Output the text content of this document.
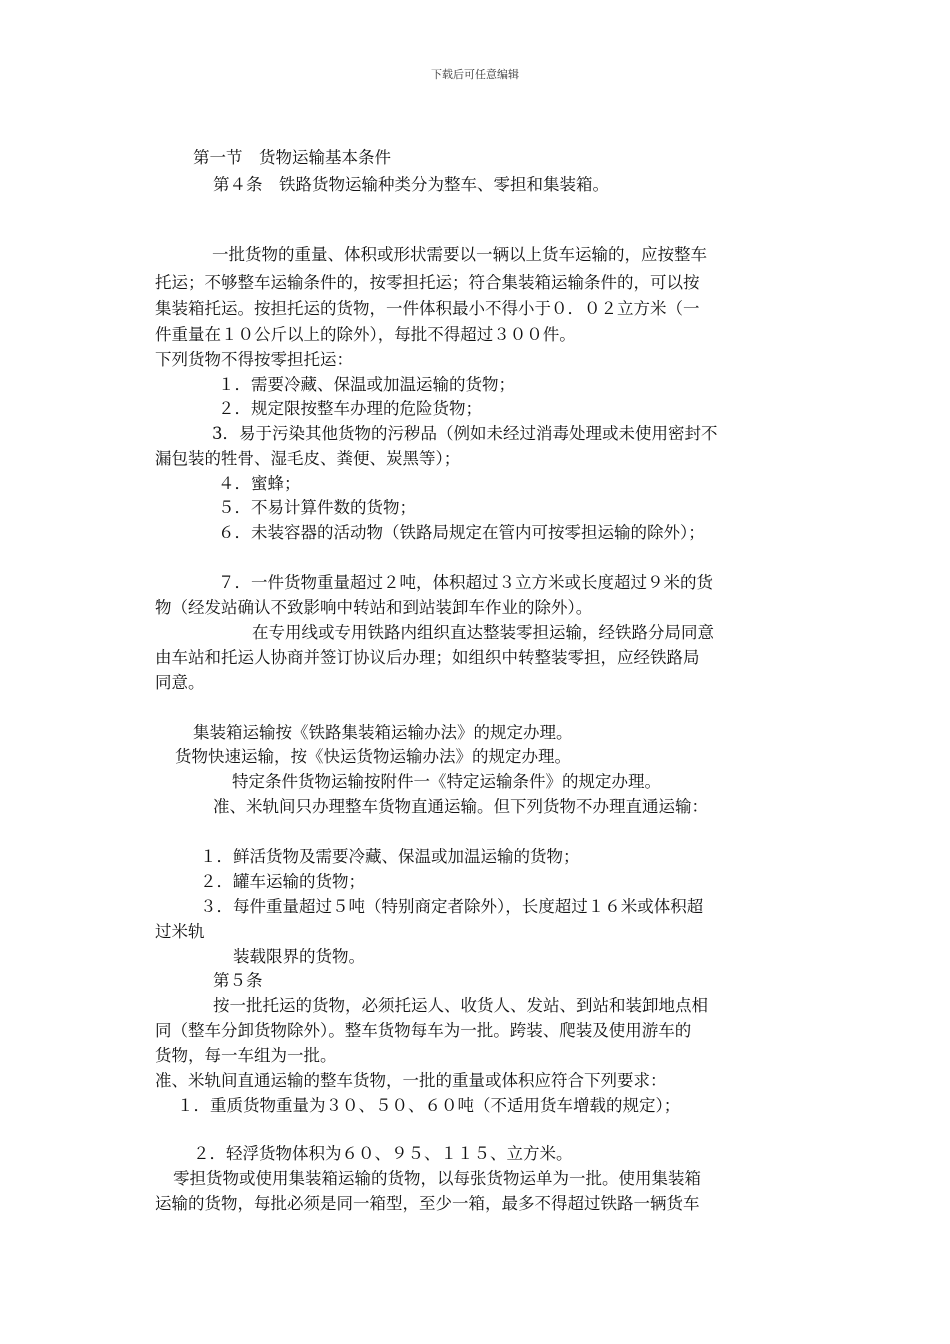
下载后可任意编辑
第一节　货物运输基本条件
第４条　铁路货物运输种类分为整车、零担和集装箱。
一批货物的重量、体积或形状需要以一辆以上货车运输的，应按整车
托运；不够整车运输条件的，按零担托运；符合集装箱运输条件的，可以按
集装箱托运。按担托运的货物，一件体积最小不得小于０．０２立方米（一
件重量在１０公斤以上的除外），每批不得超过３００件。
下列货物不得按零担托运：
１．需要冷藏、保温或加温运输的货物；
２．规定限按整车办理的危险货物；
3．易于污染其他货物的污秽品（例如未经过消毒处理或未使用密封不
漏包装的牲骨、湿毛皮、粪便、炭黑等）；
４．蜜蜂；
５．不易计算件数的货物；
６．未装容器的活动物（铁路局规定在管内可按零担运输的除外）；
７．一件货物重量超过２吨，体积超过３立方米或长度超过９米的货
物（经发站确认不致影响中转站和到站装卸车作业的除外）。
在专用线或专用铁路内组织直达整装零担运输，经铁路分局同意
由车站和托运人协商并签订协议后办理；如组织中转整装零担，应经铁路局
同意。
集装箱运输按《铁路集装箱运输办法》的规定办理。
货物快速运输，按《快运货物运输办法》的规定办理。
特定条件货物运输按附件一《特定运输条件》的规定办理。
准、米轨间只办理整车货物直通运输。但下列货物不办理直通运输：
１．鲜活货物及需要冷藏、保温或加温运输的货物；
２．罐车运输的货物；
３．每件重量超过５吨（特别商定者除外），长度超过１６米或体积超
过米轨
装载限界的货物。
第５条
按一批托运的货物，必须托运人、收货人、发站、到站和装卸地点相
同（整车分卸货物除外）。整车货物每车为一批。跨装、爬装及使用游车的
货物，每一车组为一批。
准、米轨间直通运输的整车货物，一批的重量或体积应符合下列要求：
１．重质货物重量为３０、５０、６０吨（不适用货车增载的规定）；
２．轻浮货物体积为６０、９５、１１５、立方米。
零担货物或使用集装箱运输的货物，以每张货物运单为一批。使用集装箱
运输的货物，每批必须是同一箱型，至少一箱，最多不得超过铁路一辆货车
